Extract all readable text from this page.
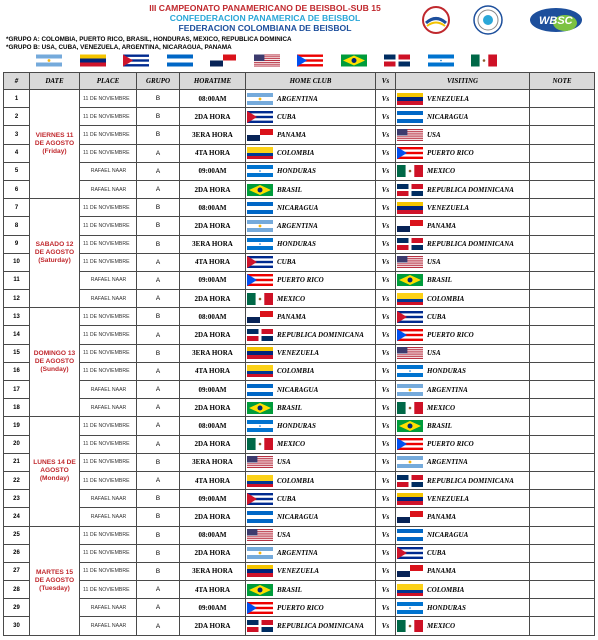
III CAMPEONATO PANAMERICANO DE BEISBOL-SUB 15
CONFEDERACION PANAMERICA DE BEISBOL
FEDERACION COLOMBIANA DE BEISBOL
*GRUPO A: COLOMBIA, PUERTO RICO, BRASIL, HONDURAS, MEXICO, REPUBLICA DOMINICA
*GRUPO B: USA, CUBA, VENEZUELA, ARGENTINA, NICARAGUA, PANAMA
WBSC
#	DATE	PLACE	GRUPO	HORATIME	HOME CLUB	Vs	VISITING	NOTE
1	VIERNES 11 DE AGOSTO (Friday)	11 DE NOVIEMBRE	B	08:00AM	ARGENTINA	Vs	VENEZUELA	
2		11 DE NOVIEMBRE	B	2DA HORA	CUBA	Vs	NICARAGUA	
3		11 DE NOVIEMBRE	B	3ERA HORA	PANAMA	Vs	USA	
4		11 DE NOVIEMBRE	A	4TA HORA	COLOMBIA	Vs	PUERTO RICO	
5		RAFAEL NAAR	A	09:00AM	HONDURAS	Vs	MEXICO	
6		RAFAEL NAAR	A	2DA HORA	BRASIL	Vs	REPUBLICA DOMINICANA	
7	SABADO 12 DE AGOSTO (Saturday)	11 DE NOVIEMBRE	B	08:00AM	NICARAGUA	Vs	VENEZUELA	
8		11 DE NOVIEMBRE	B	2DA HORA	ARGENTINA	Vs	PANAMA	
9		11 DE NOVIEMBRE	B	3ERA HORA	HONDURAS	Vs	REPUBLICA DOMINICANA	
10		11 DE NOVIEMBRE	A	4TA HORA	CUBA	Vs	USA	
11		RAFAEL NAAR	A	09:00AM	PUERTO RICO	Vs	BRASIL	
12		RAFAEL NAAR	A	2DA HORA	MEXICO	Vs	COLOMBIA	
13	DOMINGO 13 DE AGOSTO (Sunday)	11 DE NOVIEMBRE	B	08:00AM	PANAMA	Vs	CUBA	
14		11 DE NOVIEMBRE	A	2DA HORA	REPUBLICA DOMINICANA	Vs	PUERTO RICO	
15		11 DE NOVIEMBRE	B	3ERA HORA	VENEZUELA	Vs	USA	
16		11 DE NOVIEMBRE	A	4TA HORA	COLOMBIA	Vs	HONDURAS	
17		RAFAEL NAAR	A	09:00AM	NICARAGUA	Vs	ARGENTINA	
18		RAFAEL NAAR	A	2DA HORA	BRASIL	Vs	MEXICO	
19	LUNES 14 DE AGOSTO (Monday)	11 DE NOVIEMBRE	A	08:00AM	HONDURAS	Vs	BRASIL	
20		11 DE NOVIEMBRE	A	2DA HORA	MEXICO	Vs	PUERTO RICO	
21		11 DE NOVIEMBRE	B	3ERA HORA	USA	Vs	ARGENTINA	
22		11 DE NOVIEMBRE	A	4TA HORA	COLOMBIA	Vs	REPUBLICA DOMINICANA	
23		RAFAEL NAAR	B	09:00AM	CUBA	Vs	VENEZUELA	
24		RAFAEL NAAR	B	2DA HORA	NICARAGUA	Vs	PANAMA	
25	MARTES 15 DE AGOSTO (Tuesday)	11 DE NOVIEMBRE	B	08:00AM	USA	Vs	NICARAGUA	
26		11 DE NOVIEMBRE	B	2DA HORA	ARGENTINA	Vs	CUBA	
27		11 DE NOVIEMBRE	B	3ERA HORA	VENEZUELA	Vs	PANAMA	
28		11 DE NOVIEMBRE	A	4TA HORA	BRASIL	Vs	COLOMBIA	
29		RAFAEL NAAR	A	09:00AM	PUERTO RICO	Vs	HONDURAS	
30		RAFAEL NAAR	A	2DA HORA	REPUBLICA DOMINICANA	Vs	MEXICO	
